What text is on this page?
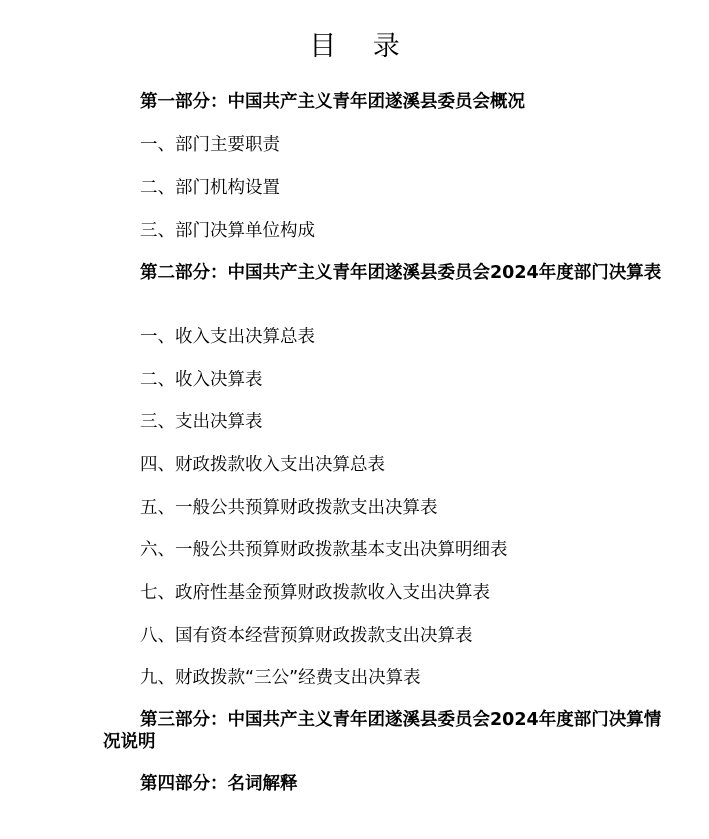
目 录
第一部分：中国共产主义青年团遂溪县委员会概况
一、部门主要职责
二、部门机构设置
三、部门决算单位构成
第二部分：中国共产主义青年团遂溪县委员会2024年度部门决算表
一、收入支出决算总表
二、收入决算表
三、支出决算表
四、财政拨款收入支出决算总表
五、一般公共预算财政拨款支出决算表
六、一般公共预算财政拨款基本支出决算明细表
七、政府性基金预算财政拨款收入支出决算表
八、国有资本经营预算财政拨款支出决算表
九、财政拨款“三公”经费支出决算表
第三部分：中国共产主义青年团遂溪县委员会2024年度部门决算情况说明
第四部分：名词解释
